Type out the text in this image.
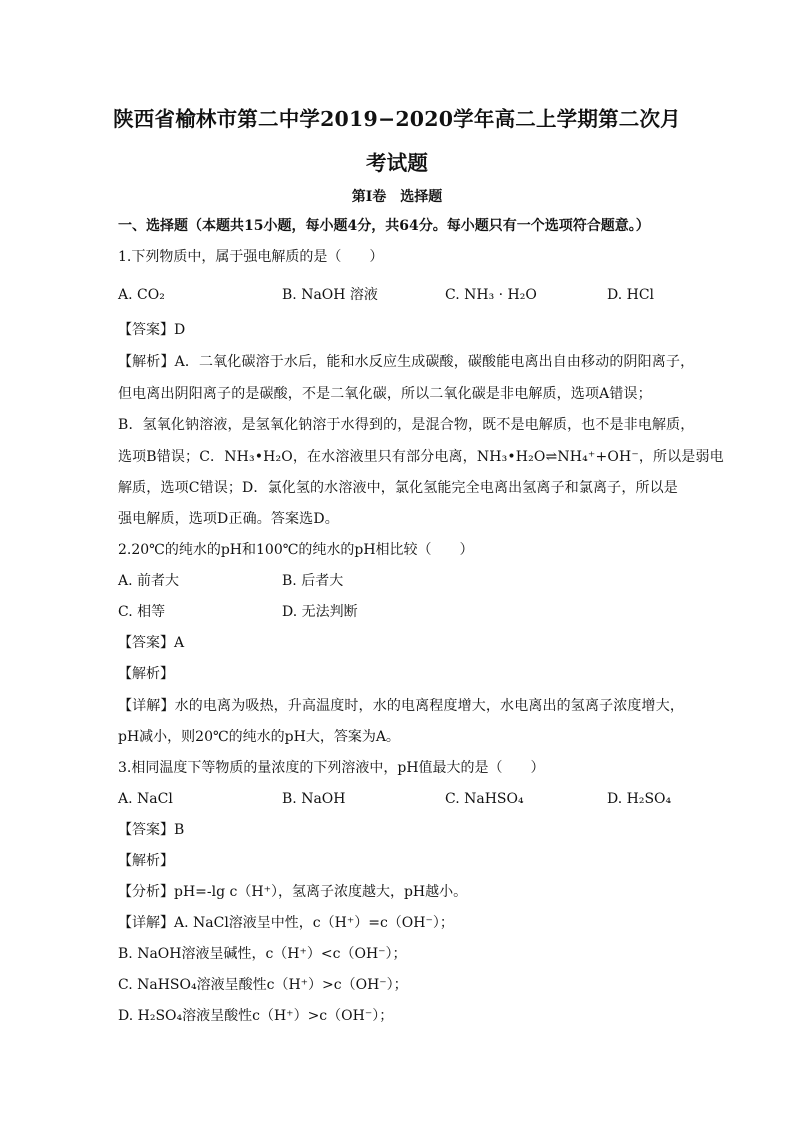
陕西省榆林市第二中学2019−2020学年高二上学期第二次月
考试题
第Ⅰ卷　选择题
一、选择题（本题共15小题，每小题4分，共64分。每小题只有一个选项符合题意。）
1.下列物质中，属于强电解质的是（　　）
A. CO₂	B. NaOH 溶液	C. NH₃ · H₂O	D. HCl
【答案】D
【解析】A．二氧化碳溶于水后，能和水反应生成碳酸，碳酸能电离出自由移动的阴阳离子，
但电离出阴阳离子的是碳酸，不是二氧化碳，所以二氧化碳是非电解质，选项A错误；
B．氢氧化钠溶液，是氢氧化钠溶于水得到的，是混合物，既不是电解质，也不是非电解质，
选项B错误；C．NH₃•H₂O，在水溶液里只有部分电离，NH₃•H₂O⇌NH₄⁺+OH⁻，所以是弱电
解质，选项C错误；D．氯化氢的水溶液中，氯化氢能完全电离出氢离子和氯离子，所以是
强电解质，选项D正确。答案选D。
2.20℃的纯水的pH和100℃的纯水的pH相比较（　　）
A. 前者大	B. 后者大
C. 相等	D. 无法判断
【答案】A
【解析】
【详解】水的电离为吸热，升高温度时，水的电离程度增大，水电离出的氢离子浓度增大，
pH减小，则20℃的纯水的pH大，答案为A。
3.相同温度下等物质的量浓度的下列溶液中，pH值最大的是（　　）
A. NaCl	B. NaOH	C. NaHSO₄	D. H₂SO₄
【答案】B
【解析】
【分析】pH=-lg c（H⁺），氢离子浓度越大，pH越小。
【详解】A. NaCl溶液呈中性，c（H⁺）=c（OH⁻）；
B. NaOH溶液呈碱性，c（H⁺）<c（OH⁻）；
C. NaHSO₄溶液呈酸性c（H⁺）>c（OH⁻）；
D. H₂SO₄溶液呈酸性c（H⁺）>c（OH⁻）；
